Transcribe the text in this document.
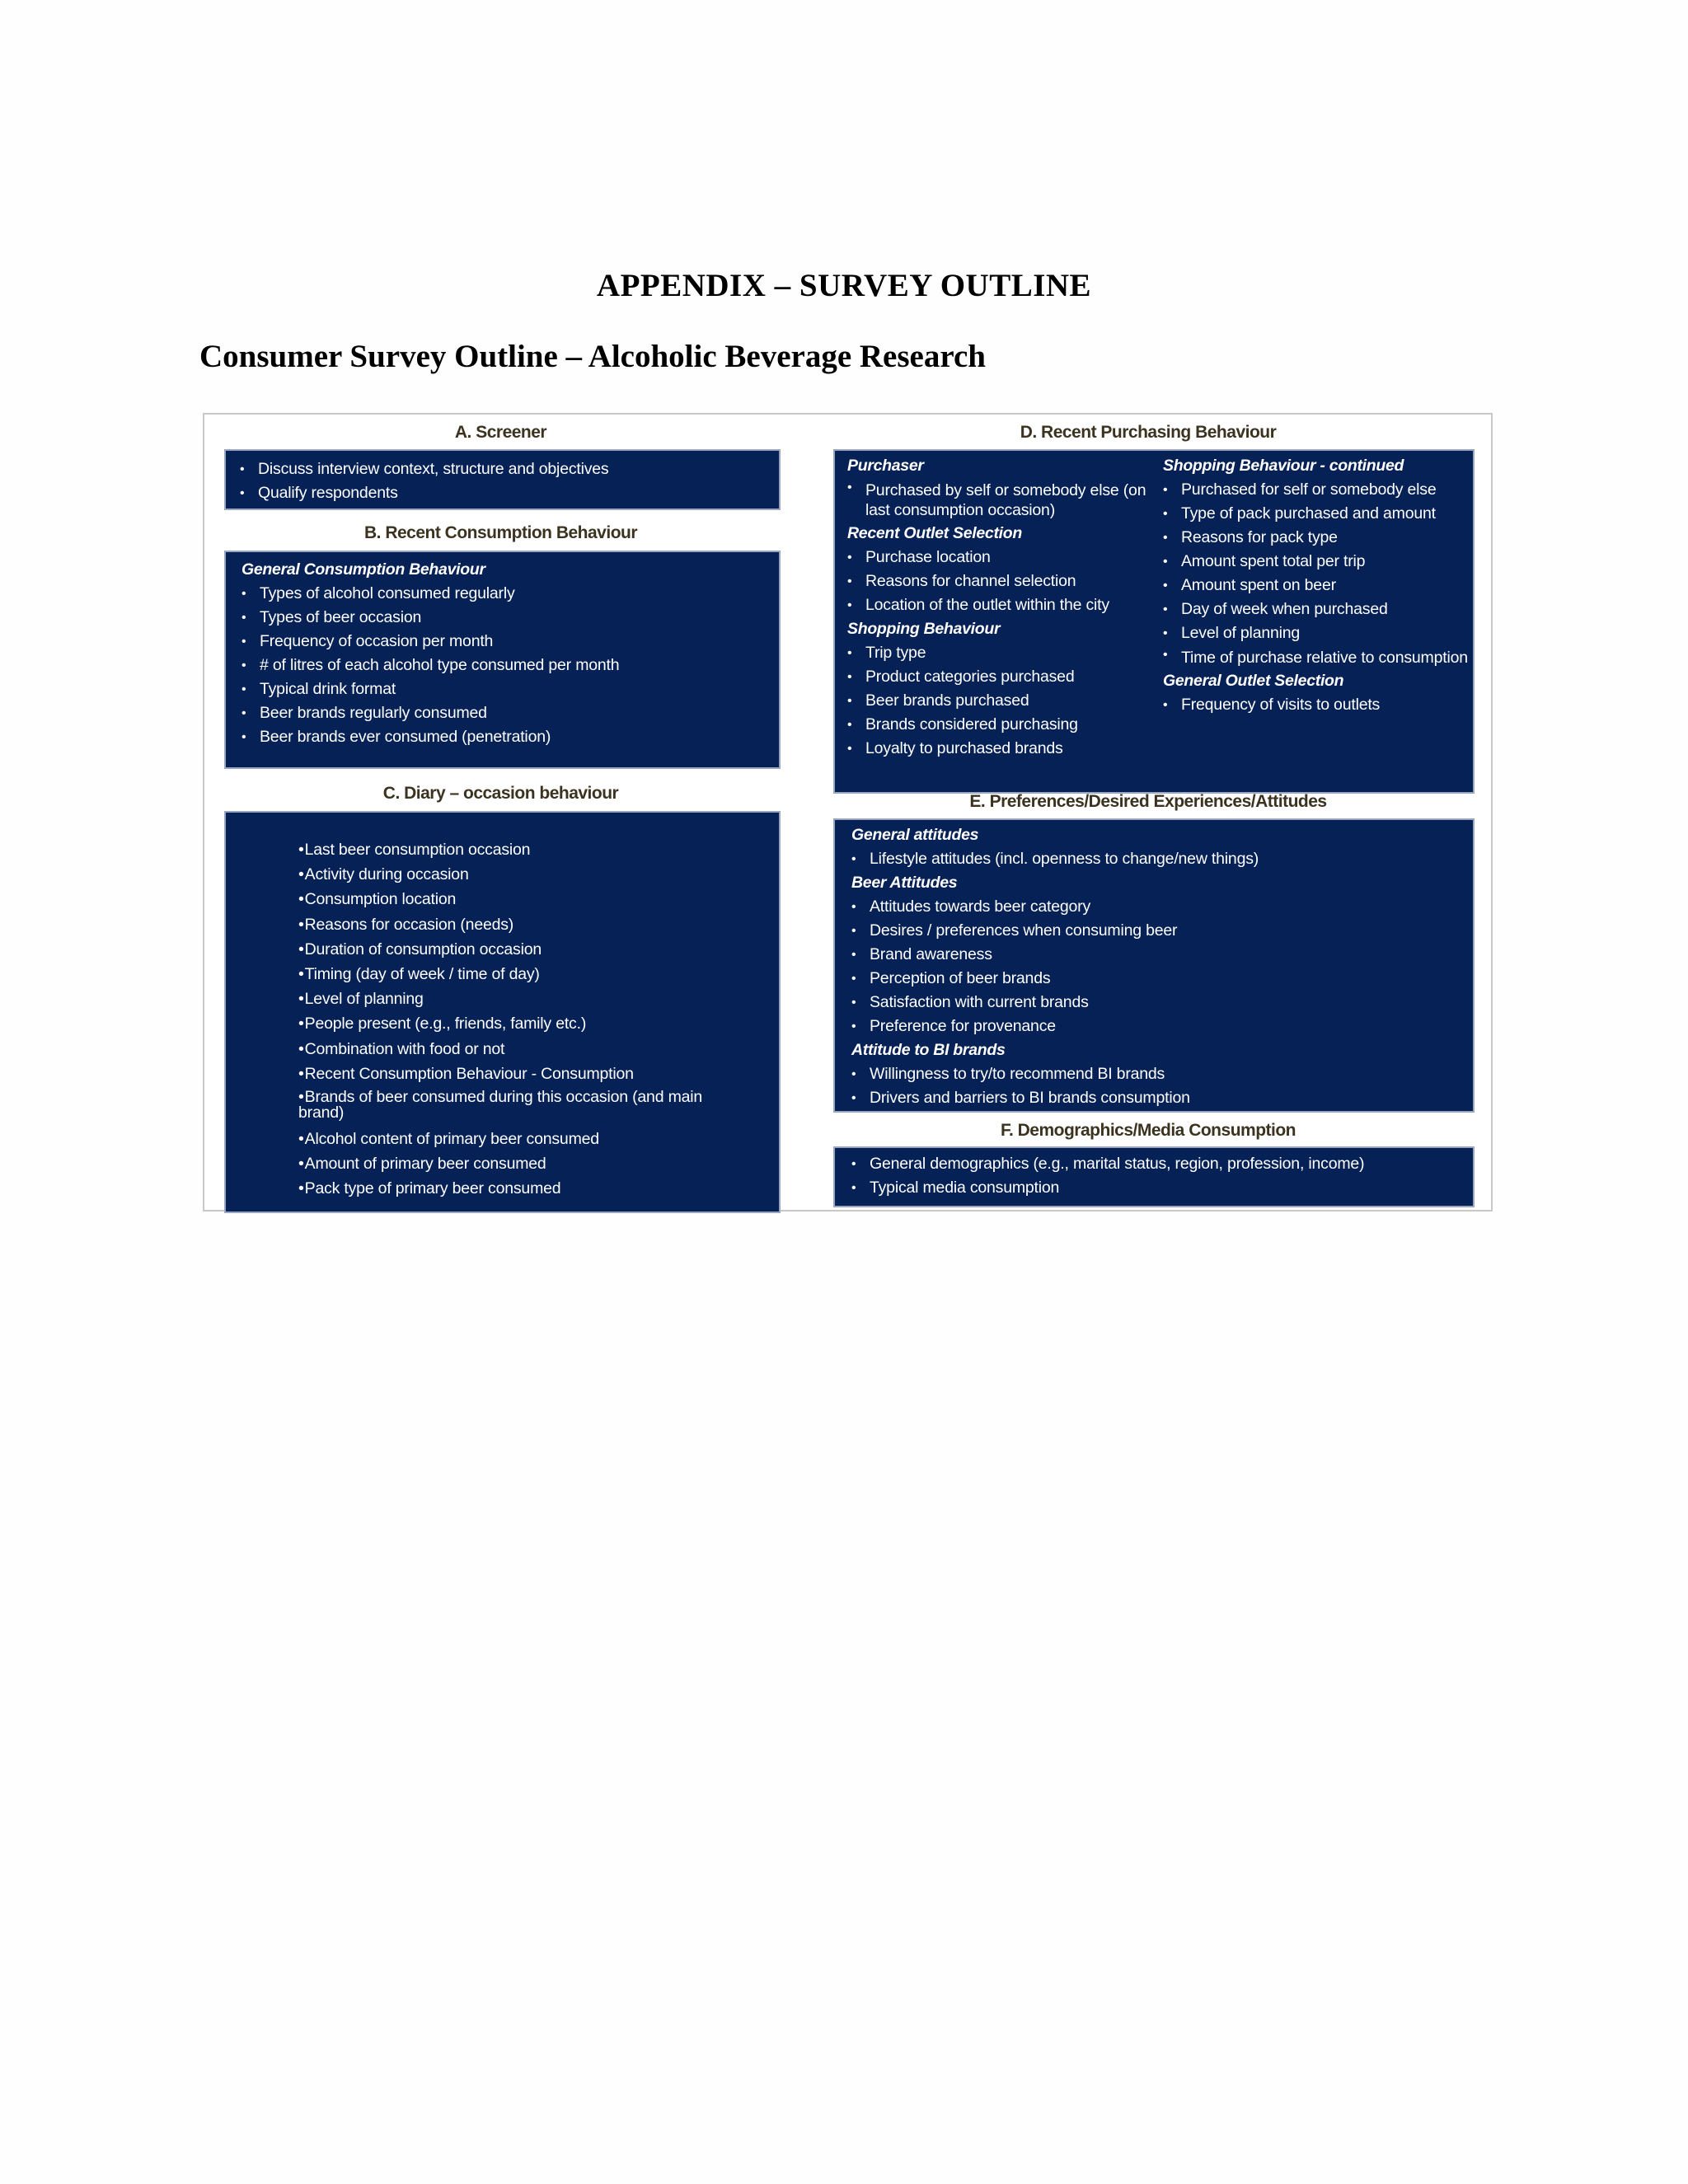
APPENDIX – SURVEY OUTLINE
Consumer Survey Outline – Alcoholic Beverage Research
A. Screener
• Discuss interview context, structure and objectives
• Qualify respondents
B. Recent Consumption Behaviour
General Consumption Behaviour
• Types of alcohol consumed regularly
• Types of beer occasion
• Frequency of occasion per month
• # of litres of each alcohol type consumed per month
• Typical drink format
• Beer brands regularly consumed
• Beer brands ever consumed (penetration)
C. Diary – occasion behaviour
•Last beer consumption occasion
•Activity during occasion
•Consumption location
•Reasons for occasion (needs)
•Duration of consumption occasion
•Timing (day of week / time of day)
•Level of planning
•People present (e.g., friends, family etc.)
•Combination with food or not
•Recent Consumption Behaviour - Consumption
•Brands of beer consumed during this occasion (and main brand)
•Alcohol content of primary beer consumed
•Amount of primary beer consumed
•Pack type of primary beer consumed
D. Recent Purchasing Behaviour
Purchaser
• Purchased by self or somebody else (on last consumption occasion)
Recent Outlet Selection
• Purchase location
• Reasons for channel selection
• Location of the outlet within the city
Shopping Behaviour
• Trip type
• Product categories purchased
• Beer brands purchased
• Brands considered purchasing
• Loyalty to purchased brands
Shopping Behaviour - continued
• Purchased for self or somebody else
• Type of pack purchased and amount
• Reasons for pack type
• Amount spent total per trip
• Amount spent on beer
• Day of week when purchased
• Level of planning
• Time of purchase relative to consumption
General Outlet Selection
• Frequency of visits to outlets
E. Preferences/Desired Experiences/Attitudes
General attitudes
• Lifestyle attitudes (incl. openness to change/new things)
Beer Attitudes
• Attitudes towards beer category
• Desires / preferences when consuming beer
• Brand awareness
• Perception of beer brands
• Satisfaction with current brands
• Preference for provenance
Attitude to BI brands
• Willingness to try/to recommend BI brands
• Drivers and barriers to BI brands consumption
F. Demographics/Media Consumption
• General demographics (e.g., marital status, region, profession, income)
• Typical media consumption
